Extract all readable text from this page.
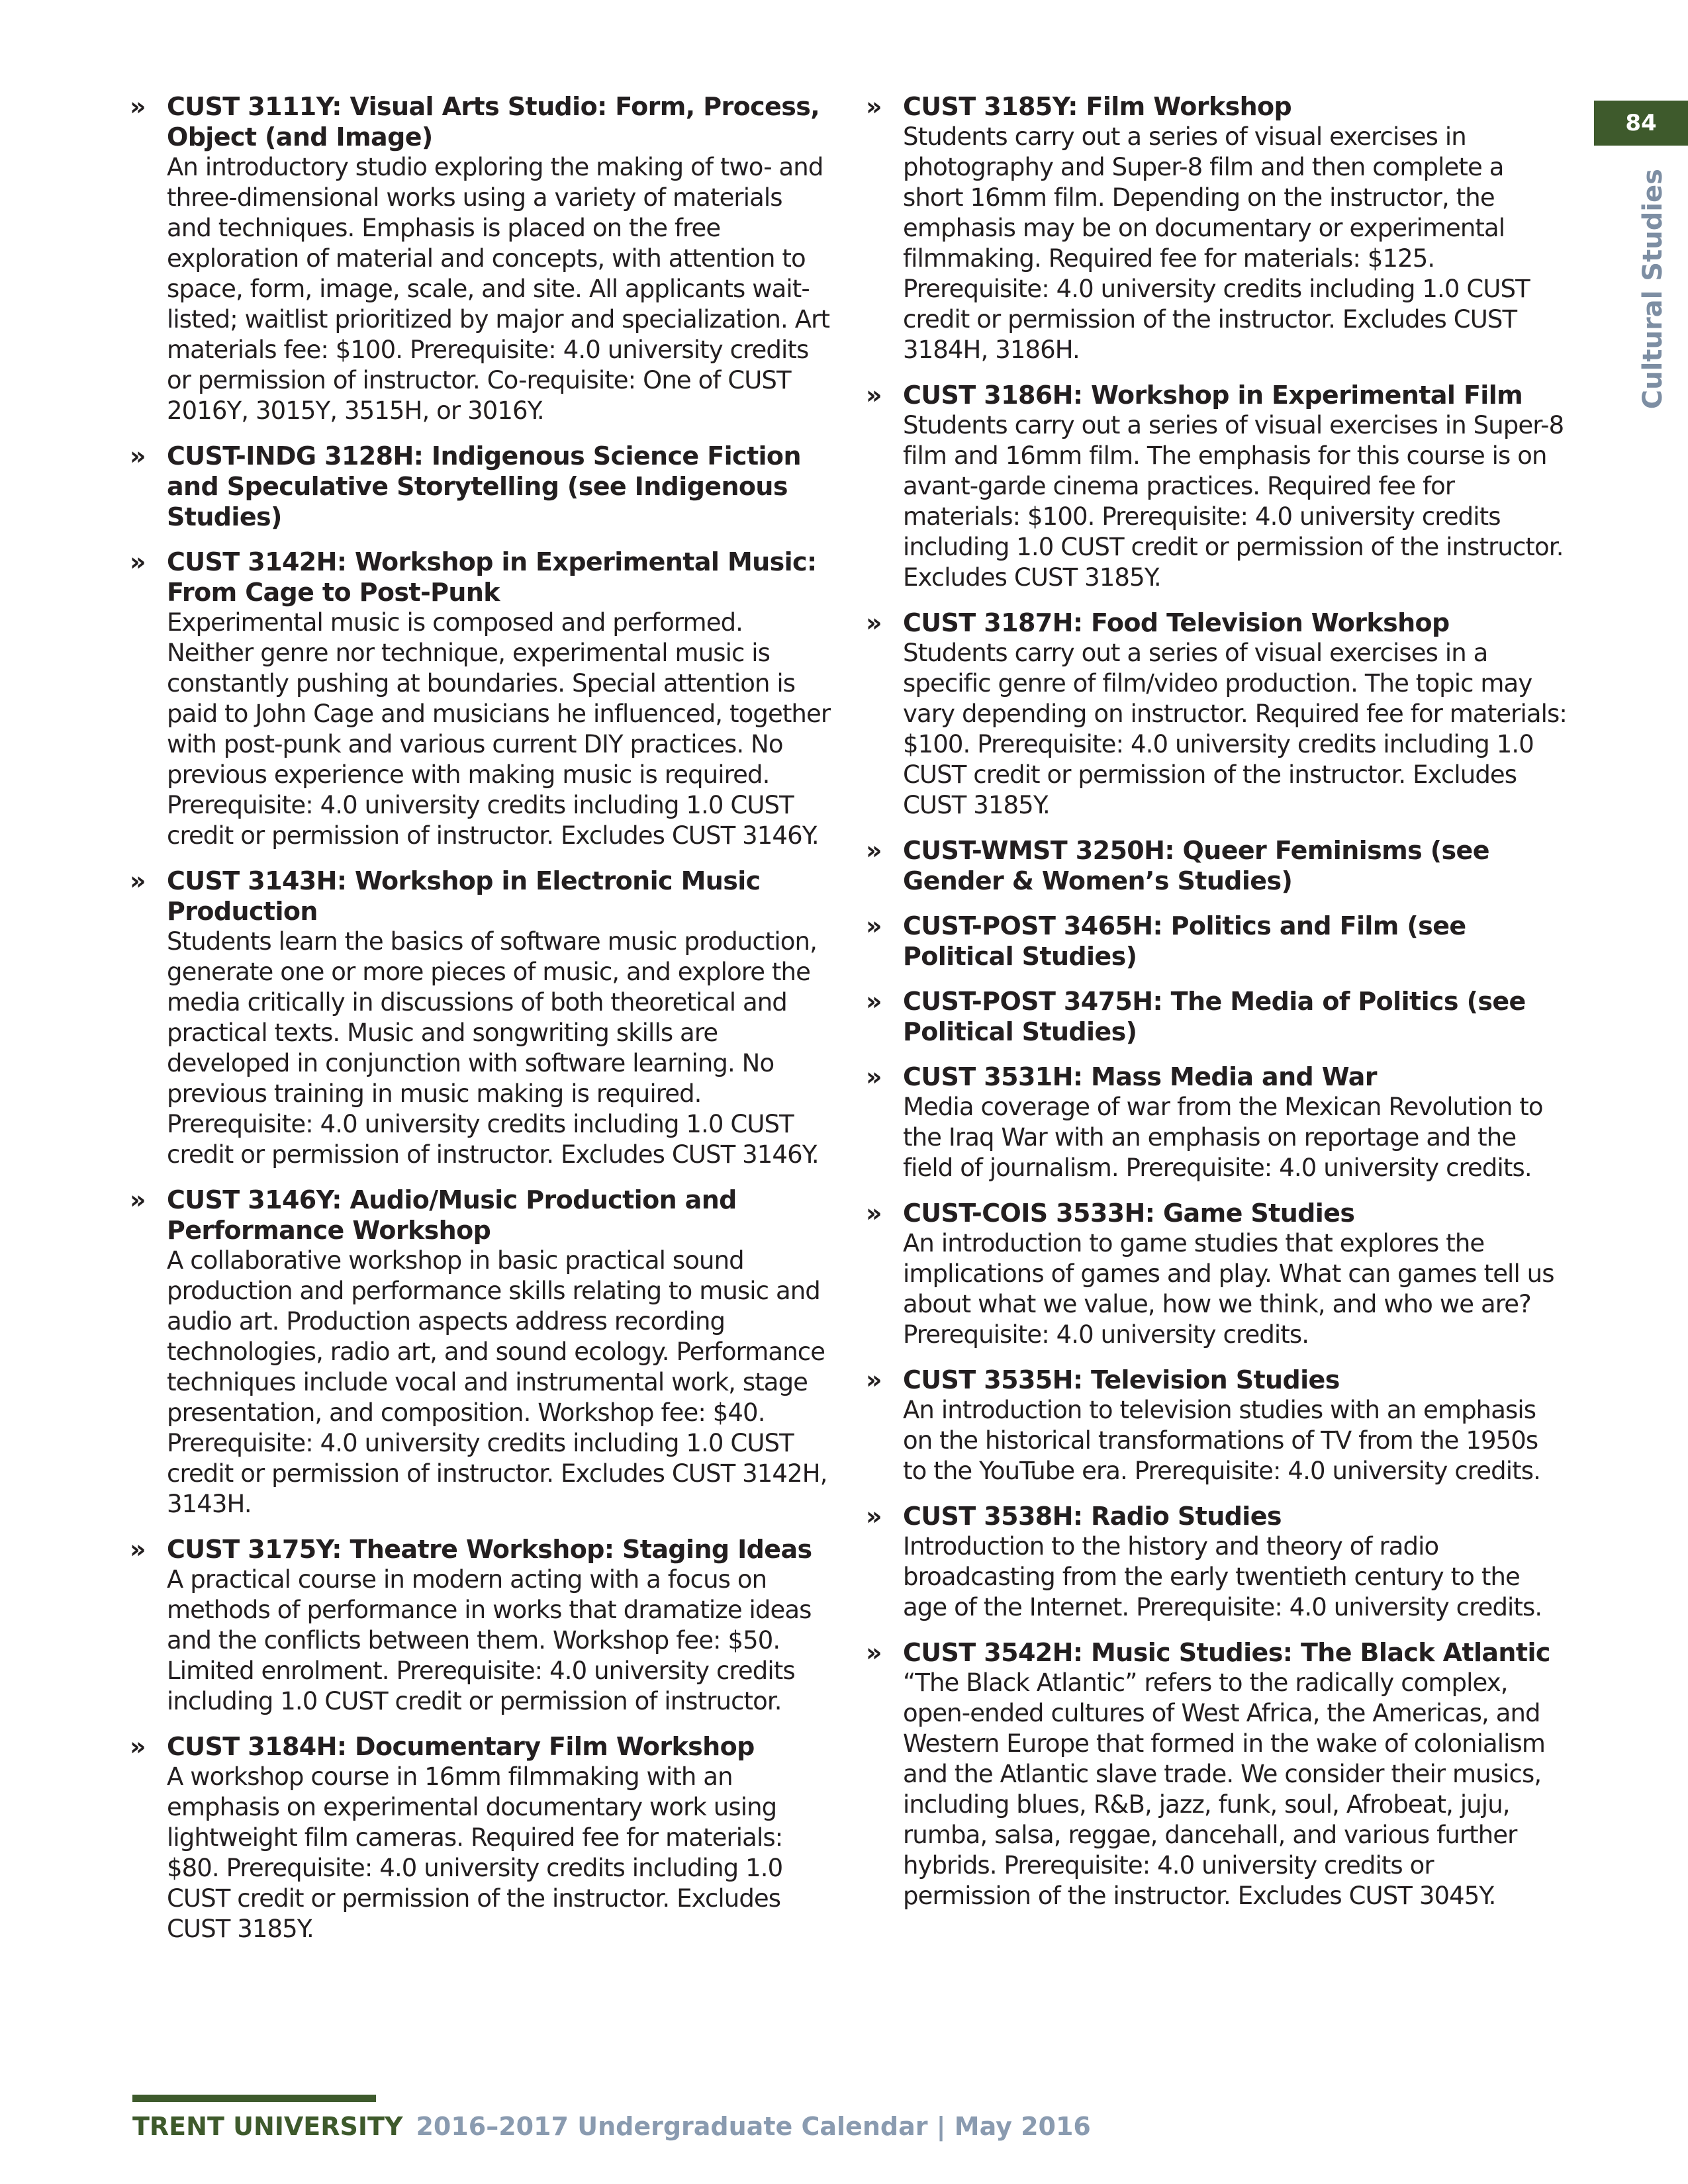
» CUST 3111Y: Visual Arts Studio: Form, Process, Object (and Image)

An introductory studio exploring the making of two- and three-dimensional works using a variety of materials and techniques. Emphasis is placed on the free exploration of material and concepts, with attention to space, form, image, scale, and site. All applicants wait-listed; waitlist prioritized by major and specialization. Art materials fee: $100. Prerequisite: 4.0 university credits or permission of instructor. Co-requisite: One of CUST 2016Y, 3015Y, 3515H, or 3016Y.

» CUST-INDG 3128H: Indigenous Science Fiction and Speculative Storytelling (see Indigenous Studies)

» CUST 3142H: Workshop in Experimental Music: From Cage to Post-Punk

Experimental music is composed and performed. Neither genre nor technique, experimental music is constantly pushing at boundaries. Special attention is paid to John Cage and musicians he influenced, together with post-punk and various current DIY practices. No previous experience with making music is required. Prerequisite: 4.0 university credits including 1.0 CUST credit or permission of instructor. Excludes CUST 3146Y.

» CUST 3143H: Workshop in Electronic Music Production

Students learn the basics of software music production, generate one or more pieces of music, and explore the media critically in discussions of both theoretical and practical texts. Music and songwriting skills are developed in conjunction with software learning. No previous training in music making is required. Prerequisite: 4.0 university credits including 1.0 CUST credit or permission of instructor. Excludes CUST 3146Y.

» CUST 3146Y: Audio/Music Production and Performance Workshop

A collaborative workshop in basic practical sound production and performance skills relating to music and audio art. Production aspects address recording technologies, radio art, and sound ecology. Performance techniques include vocal and instrumental work, stage presentation, and composition. Workshop fee: $40. Prerequisite: 4.0 university credits including 1.0 CUST credit or permission of instructor. Excludes CUST 3142H, 3143H.

» CUST 3175Y: Theatre Workshop: Staging Ideas

A practical course in modern acting with a focus on methods of performance in works that dramatize ideas and the conflicts between them. Workshop fee: $50. Limited enrolment. Prerequisite: 4.0 university credits including 1.0 CUST credit or permission of instructor.

» CUST 3184H: Documentary Film Workshop

A workshop course in 16mm filmmaking with an emphasis on experimental documentary work using lightweight film cameras. Required fee for materials: $80. Prerequisite: 4.0 university credits including 1.0 CUST credit or permission of the instructor. Excludes CUST 3185Y.

» CUST 3185Y: Film Workshop

Students carry out a series of visual exercises in photography and Super-8 film and then complete a short 16mm film. Depending on the instructor, the emphasis may be on documentary or experimental filmmaking. Required fee for materials: $125. Prerequisite: 4.0 university credits including 1.0 CUST credit or permission of the instructor. Excludes CUST 3184H, 3186H.

» CUST 3186H: Workshop in Experimental Film

Students carry out a series of visual exercises in Super-8 film and 16mm film. The emphasis for this course is on avant-garde cinema practices. Required fee for materials: $100. Prerequisite: 4.0 university credits including 1.0 CUST credit or permission of the instructor. Excludes CUST 3185Y.

» CUST 3187H: Food Television Workshop

Students carry out a series of visual exercises in a specific genre of film/video production. The topic may vary depending on instructor. Required fee for materials: $100. Prerequisite: 4.0 university credits including 1.0 CUST credit or permission of the instructor. Excludes CUST 3185Y.

» CUST-WMST 3250H: Queer Feminisms (see Gender & Women’s Studies)

» CUST-POST 3465H: Politics and Film (see Political Studies)

» CUST-POST 3475H: The Media of Politics (see Political Studies)

» CUST 3531H: Mass Media and War

Media coverage of war from the Mexican Revolution to the Iraq War with an emphasis on reportage and the field of journalism. Prerequisite: 4.0 university credits.

» CUST-COIS 3533H: Game Studies

An introduction to game studies that explores the implications of games and play. What can games tell us about what we value, how we think, and who we are? Prerequisite: 4.0 university credits.

» CUST 3535H: Television Studies

An introduction to television studies with an emphasis on the historical transformations of TV from the 1950s to the YouTube era. Prerequisite: 4.0 university credits.

» CUST 3538H: Radio Studies

Introduction to the history and theory of radio broadcasting from the early twentieth century to the age of the Internet. Prerequisite: 4.0 university credits.

» CUST 3542H: Music Studies: The Black Atlantic

“The Black Atlantic” refers to the radically complex, open-ended cultures of West Africa, the Americas, and Western Europe that formed in the wake of colonialism and the Atlantic slave trade. We consider their musics, including blues, R&B, jazz, funk, soul, Afrobeat, juju, rumba, salsa, reggae, dancehall, and various further hybrids. Prerequisite: 4.0 university credits or permission of the instructor. Excludes CUST 3045Y.

84
Cultural Studies
TRENT UNIVERSITY 2016–2017 Undergraduate Calendar | May 2016
